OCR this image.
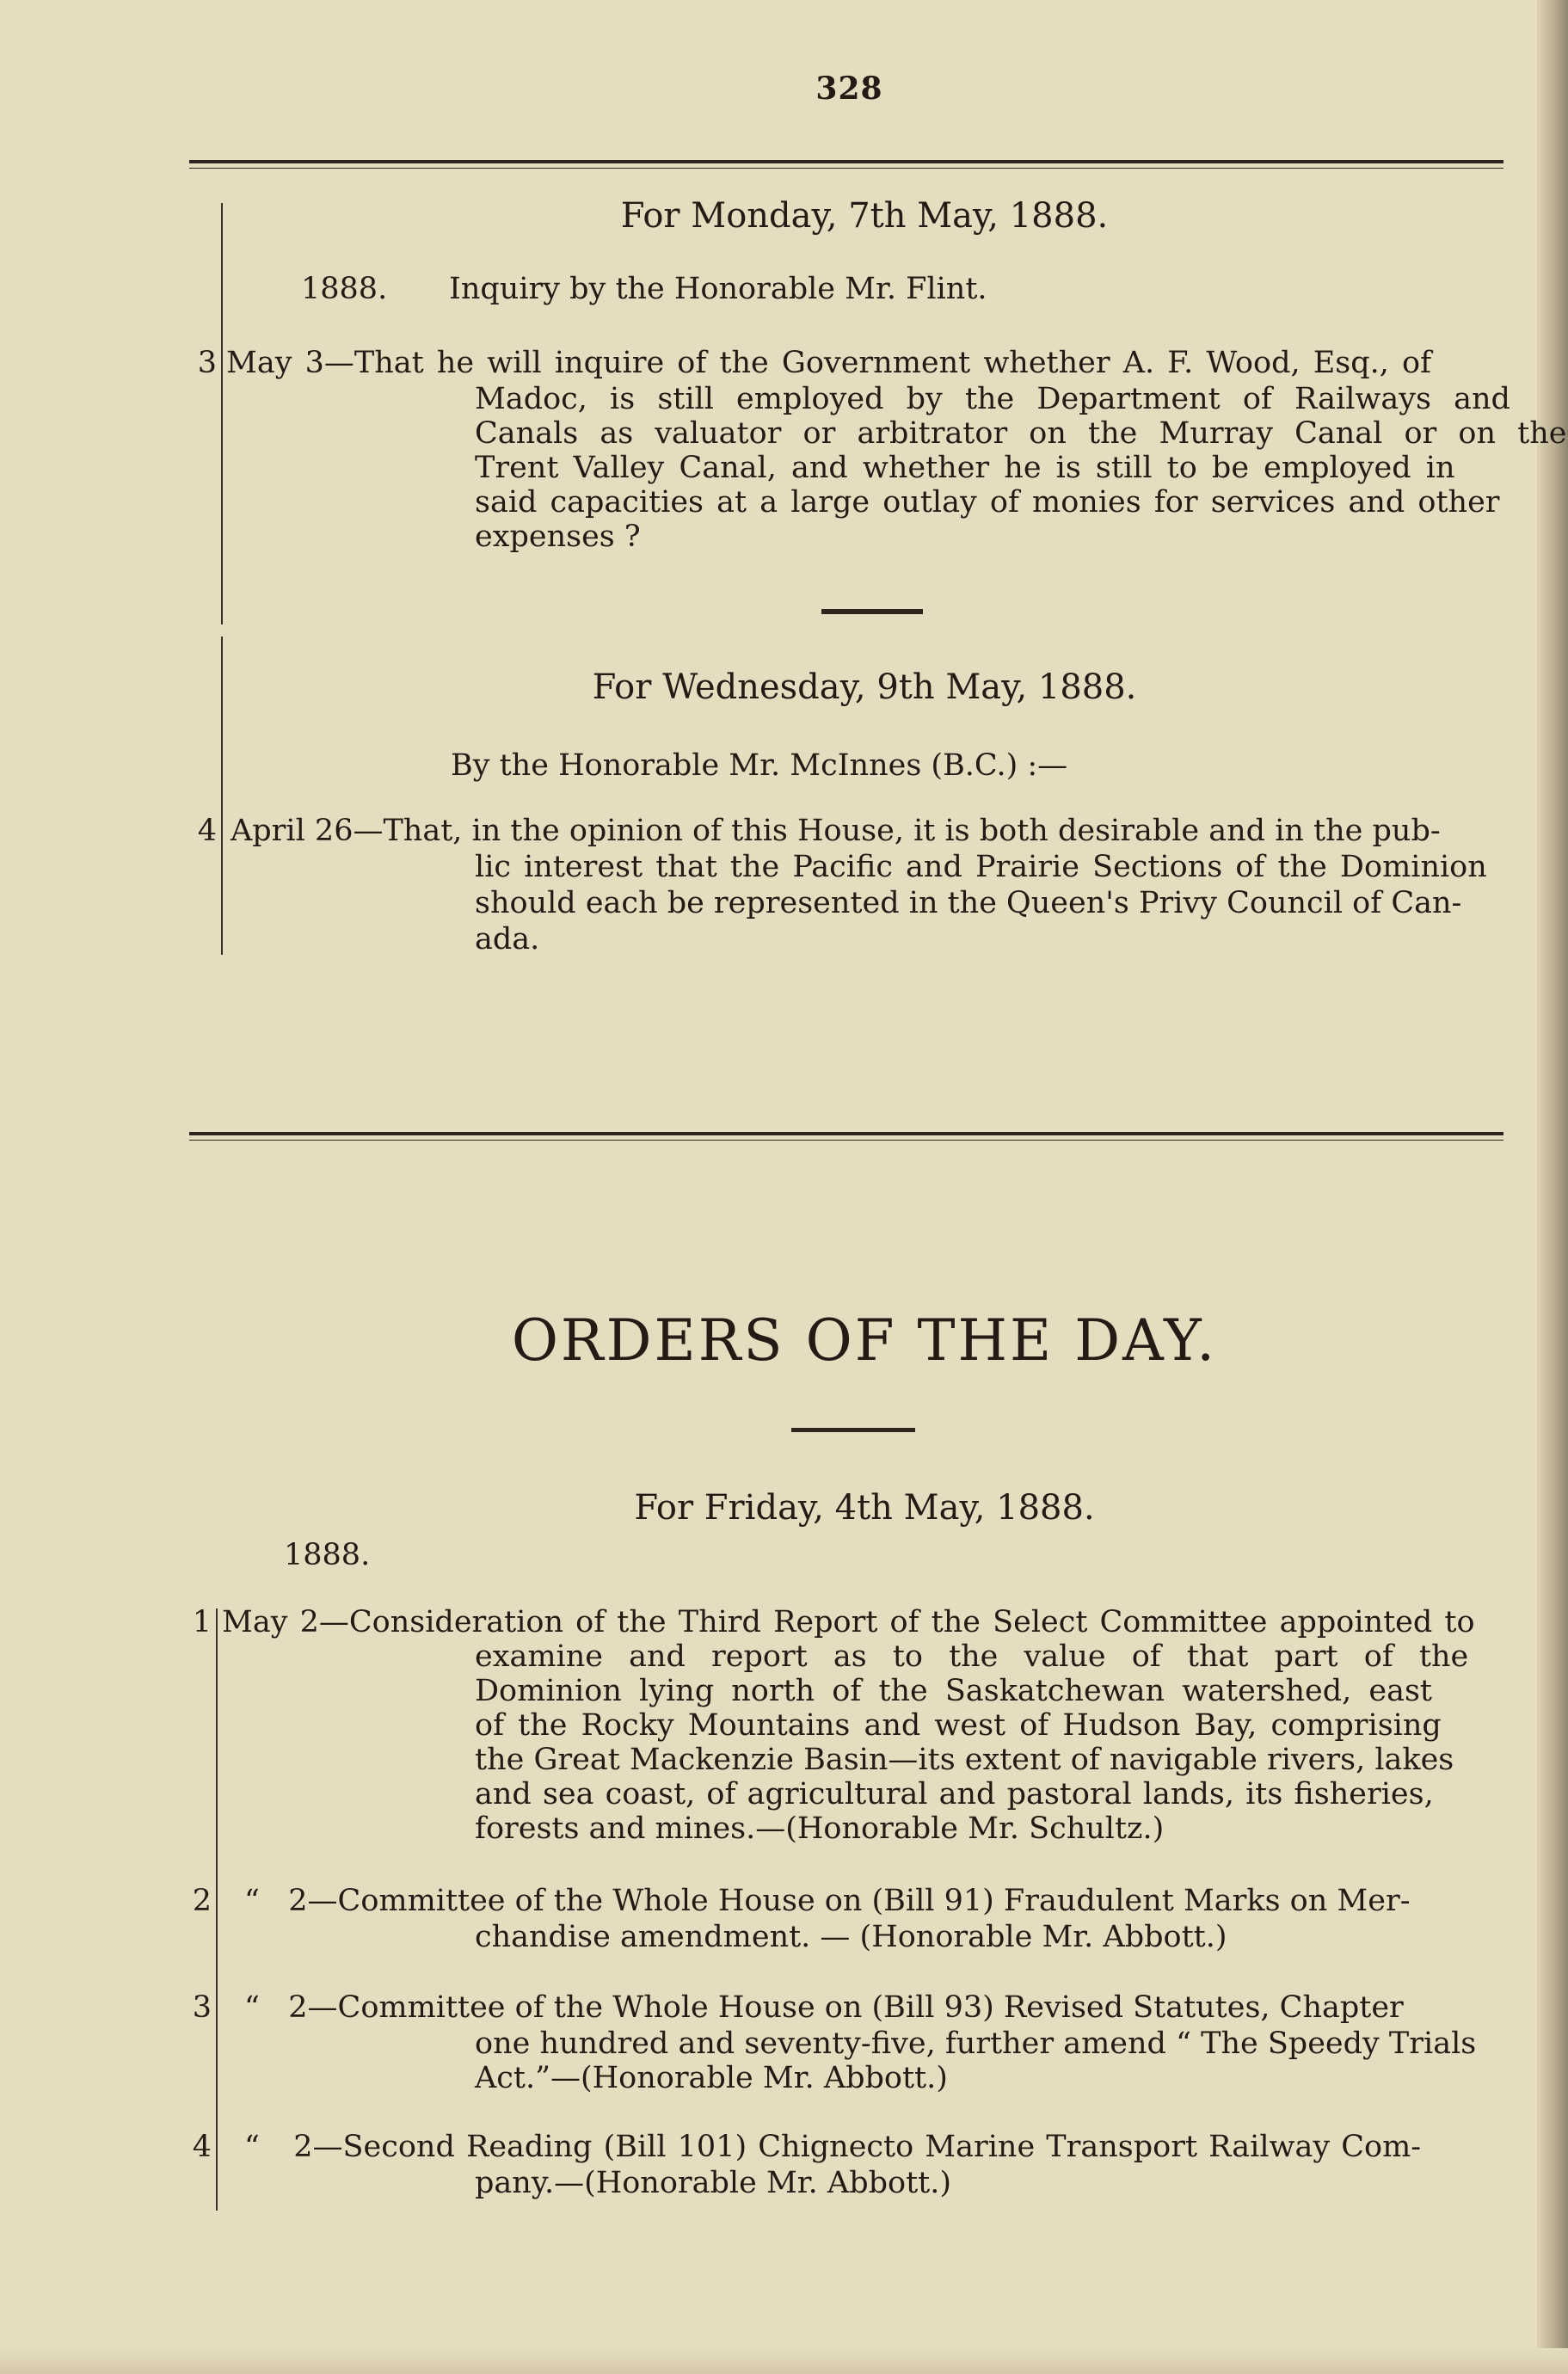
328
For Monday, 7th May, 1888.
1888. Inquiry by the Honorable Mr. Flint.
3 May 3—That he will inquire of the Government whether A. F. Wood, Esq., of
Madoc, is still employed by the Department of Railways and
Canals as valuator or arbitrator on the Murray Canal or on the
Trent Valley Canal, and whether he is still to be employed in
said capacities at a large outlay of monies for services and other
expenses ?
For Wednesday, 9th May, 1888.
By the Honorable Mr. McInnes (B.C.) :—
4 April 26—That, in the opinion of this House, it is both desirable and in the pub-
lic interest that the Pacific and Prairie Sections of the Dominion
should each be represented in the Queen's Privy Council of Can-
ada.
ORDERS OF THE DAY.
For Friday, 4th May, 1888.
1888.
1 May 2—Consideration of the Third Report of the Select Committee appointed to
examine and report as to the value of that part of the
Dominion lying north of the Saskatchewan watershed, east
of the Rocky Mountains and west of Hudson Bay, comprising
the Great Mackenzie Basin—its extent of navigable rivers, lakes
and sea coast, of agricultural and pastoral lands, its fisheries,
forests and mines.—(Honorable Mr. Schultz.)
2 “   2—Committee of the Whole House on (Bill 91) Fraudulent Marks on Mer-
chandise amendment. — (Honorable Mr. Abbott.)
3 “   2—Committee of the Whole House on (Bill 93) Revised Statutes, Chapter
one hundred and seventy-five, further amend “ The Speedy Trials
Act.”—(Honorable Mr. Abbott.)
4 “   2—Second Reading (Bill 101) Chignecto Marine Transport Railway Com-
pany.—(Honorable Mr. Abbott.)
